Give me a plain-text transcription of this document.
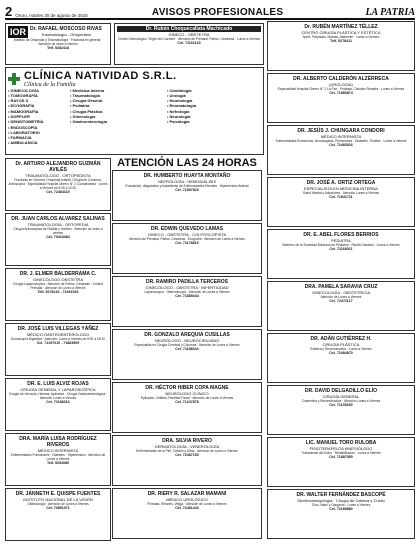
2 Oruro, martes 30 de agosto de 2016	AVISOS PROFESIONALES	LA PATRIA
IOR Dr. RAFAEL MOSCOSO RIVAS
Traumatología - Ortopedista
Instituto de Ortopedia y Traumatología · Fracturas en general · Atención de lunes a viernes
Telf. 5282418
Dr. Rubén Choquecallata Machicado
GINECO - OBSTETRA
Centro Ginecológico 'Virgen del Carmen' · Atención de Prenatal, Partos, Cesáreas · Lunes a Viernes
Cel. 71161120
CLÍNICA NATIVIDAD S.R.L.
Clínica de la Familia
• GINECOLOGÍA
• TOMOGRAFÍA
• RAYOS X
• ECOGRAFÍA
• MAMOGRAFÍA
• DOPPLER
• DENSITOMETRÍA
• ENDOSCOPÍA
• LABORATORIO
• FARMACIA
• AMBULANCIA
• Medicina Interna
• Traumatología
• Cirugía General
• Pediatría
• Cirugía Plástica
• Ginecología
• Gastroenterología
• Cardiología
• Urología
• Neumología
• Reumatología
• Nefrología
• Neurología
• Psicología
ATENCIÓN LAS 24 HORAS
Dr. ARTURO ALEJANDRO GUZMÁN AVILÉS
TRAUMATÓLOGO - ORTOPEDISTA
Fracturas en General, Ortopedia Infantil, Cirugía de Columna, Artroscopía · Especialidad Hospital Obrero N° 2 Cochabamba · Lunes a Viernes de 8:30 a 12:30
Cel. 72484119
DR. JUAN CARLOS ALVAREZ SALINAS
TRAUMATOLOGÍA - ORTOPEDIA
Cirugía Artroscópica de Rodilla y Hombro · Atención de lunes a viernes
Cel. 70423484
DR. J. ELMER BALDERRAMA C.
GINECÓLOGO OBSTETRA
Cirugía Laparoscópica · Atención de Partos, Cesáreas · Control Prenatal · Atención de Lunes a Viernes
Telf. 5278115 - 72491516
DR. JOSÉ LUIS VILLEGAS YÁÑEZ
MÉDICO GASTROENTERÓLOGO
Endoscopía Digestiva · Atención: Lunes a Viernes de 8:00 a 18:30
Cel. 71197010 - 71883509
DR. E. LUIS ALVIZ ROJAS
CIRUGÍA GENERAL Y LAPAROSCÓPICA
Cirugía de Vesícula, Hernias, Apéndice · Cirugía Gastroenterológica · Atención Lunes a Viernes
Cel. 71188316
DRA. MARÍA LUISA RODRÍGUEZ RIVEROS
MÉDICO INTERNISTA
Enfermedades Pulmonares · Diabetes · Hipertensión · Atención de Lunes a Viernes
Telf. 5254080
DR. JANNETH E. QUISPE FUENTES
INSTITUTO NACIONAL DE LA VISIÓN
Oftalmología · Atención de Lunes a Viernes
Cel. 73851071
DR. HUMBERTO HUAYTA MONTAÑO
NEFROLOGÍA - HEMODIÁLISIS
Evaluación, diagnóstico y tratamiento de Enfermedades Renales · Hipertensión Arterial
Cel. 71807823
DR. EDWIN QUEVEDO LAMAS
GINECO - OBSTETRA - COLPOSCOPISTA
Atención de Prenatal, Partos, Cesáreas · Ecografía · Atención de Lunes a Viernes
Cel. 71178819
DR. RAMIRO PADILLA TERCEROS
GINECÓLOGO - OBSTETRA · INFERTILIDAD
Laparoscopía · Histeroscopía · Atención de Lunes a Viernes
Cel. 71885444
DR. GONZALO AREQUIA CUSILLAS
NEURÓLOGO - NEUROCIRUJANO
Especialista en Cirugía Cerebral y Columna · Atención de Lunes a Viernes
Cel. 71188344
DR. HÉCTOR HIBER COPA MAGNE
NEURÓLOGO CLÍNICO
Epilepsia, Cefalea, Parálisis Facial · Atención de Lunes a Viernes
Cel. 71247878
DRA. SILVIA RIVERO
DERMATOLOGÍA - VENEROLOGÍA
Enfermedades de la Piel, Cabello y Uñas · Atención de Lunes a Viernes
Cel. 72487150
DR. RIERY R. SALAZAR MAMANI
MÉDICO UROLÓGICO
Próstata, Riñones, Vejiga · Atención de Lunes a Viernes
Cel. 72481444
Dr. RUBÉN MARTÍNEZ TÉLLEZ
CENTRO CIRUGÍA PLÁSTICA Y ESTÉTICA
Nariz, Párpados, Mamas, Abdomen · Lunes a Viernes
Telf. 5278411
DR. ALBERTO CALDERÓN ALZÉRRECA
(UROLOGÍA)
Especialidad Hospital Obrero N° 1 La Paz · Próstata, Cálculos Renales · Lunes a Viernes
Cel. 71880874
DR. JESÚS J. CHUNGARA CONDORI
MÉDICO INTERNISTA
Enfermedades Endocrinas, Neurológicas, Pulmonares · Diabetes, Tiroides · Lunes a Viernes
Cel. 72483516
DR. JOSÉ A. ORTIZ ORTEGA
ESPECIALISTA EN MEDICINA INTERNA
Salud Mental y Adicciones · Atención Lunes a Viernes
Cel. 71841711
DR. E. ABEL FLORES BERRIOS
PEDIATRA
Miembro de la Sociedad Boliviana de Pediatría · Recién Nacidos · Lunes a Viernes
Cel. 71168011
DRA. PAMELA SARAVIA CRUZ
GINECOLOGÍA - OBSTETRICIA
Atención de Lunes a Viernes
Cel. 72471117
DR. ADÁN GUTIÉRREZ H.
CIRUGÍA PLÁSTICA
Estética y Reconstructiva · Lunes a Viernes
Cel. 72484870
DR. DAVID DELGADILLO ELÍO
CIRUGÍA GENERAL
Cosmética y Reconstructiva · Atención Lunes a Viernes
Cel. 71135330
LIC. MANUEL TORO RULOBA
FISIOTERAPEUTA KINESIÓLOGO
Tratamiento del Dolor · Rehabilitación · Lunes a Viernes
Cel. 71887550
DR. WALTER FERNÁNDEZ BASCOPÉ
Otorrinolaringología · Cirugía de Cabeza y Cuello
Oído, Nariz y Garganta · Lunes a Viernes
Cel. 71189880
